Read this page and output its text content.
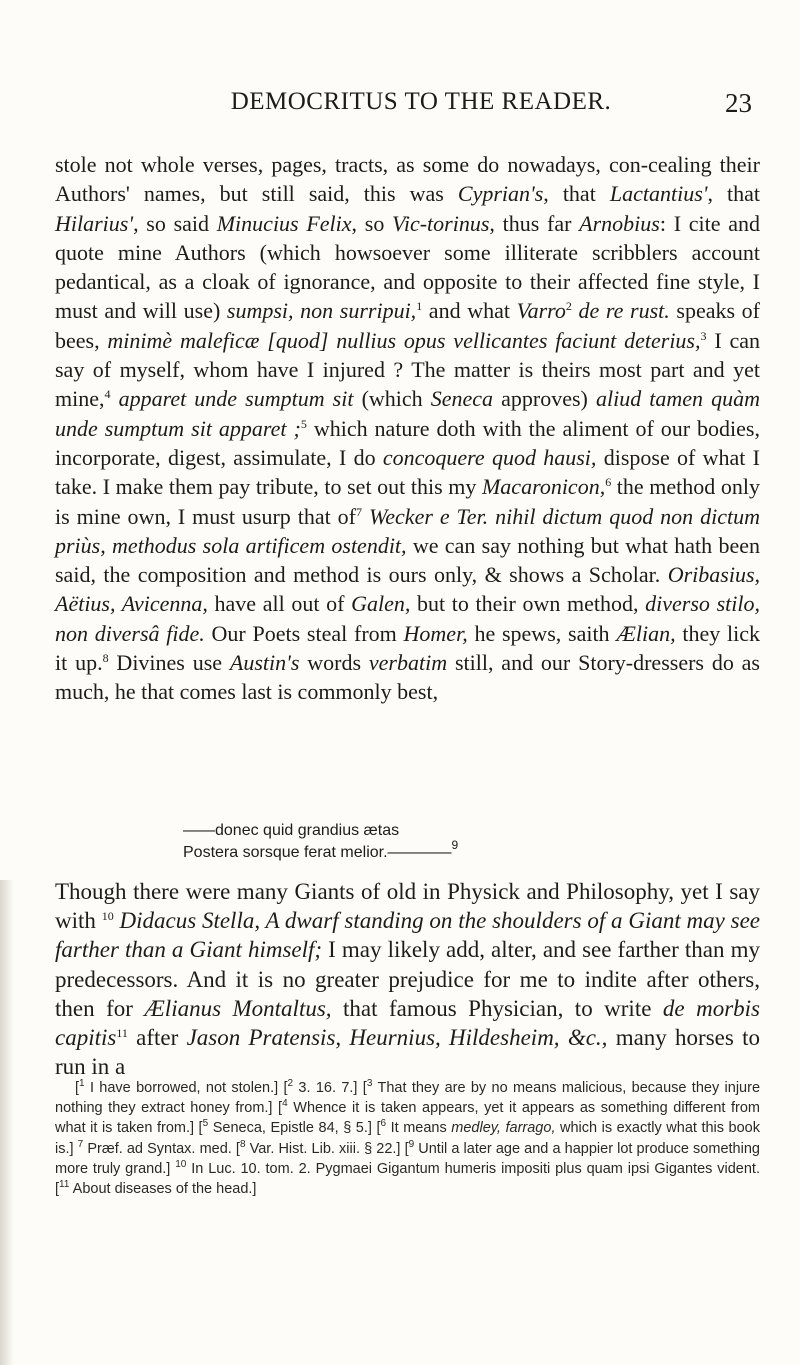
DEMOCRITUS TO THE READER.	23

stole not whole verses, pages, tracts, as some do nowadays, con-cealing their Authors' names, but still said, this was Cyprian's, that Lactantius', that Hilarius', so said Minucius Felix, so Vic-torinus, thus far Arnobius: I cite and quote mine Authors (which howsoever some illiterate scribblers account pedantical, as a cloak of ignorance, and opposite to their affected fine style, I must and will use) sumpsi, non surripui,$^1$ and what Varro$^2$ de re rust. speaks of bees, minimè maleficæ [quod] nullius opus vellicantes faciunt deterius,$^3$ I can say of myself, whom have I injured ? The matter is theirs most part and yet mine,$^4$ apparet unde sumptum sit (which Seneca approves) aliud tamen quàm unde sumptum sit apparet ;$^5$ which nature doth with the aliment of our bodies, incorporate, digest, assimulate, I do concoquere quod hausi, dispose of what I take. I make them pay tribute, to set out this my Macaronicon,$^6$ the method only is mine own, I must usurp that $of^7$ Wecker e Ter. nihil dictum quod non dictum priùs, methodus sola artificem ostendit, we can say nothing but what hath been said, the composition and method is ours only, & shows a Scholar. Oribasius, Aëtius, Avicenna, have all out of Galen, but to their own method, diverso stilo, non diversâ fide. Our Poets steal from Homer, he spews, saith Ælian, they lick it up.$^8$ Divines use Austin's words verbatim still, and our Story-dressers do as much, he that comes last is commonly best,

——donec quid grandius ætas
Postera sorsque ferat melior.————$^9$

Though there were many Giants of old in Physick and Philosophy, yet I say with $^{10}$ Didacus Stella, A dwarf standing on the shoulders of a Giant may see farther than a Giant himself; I may likely add, alter, and see farther than my predecessors. And it is no greater prejudice for me to indite after others, then for Ælianus Montaltus, that famous Physician, to write de morbis capitis$^{11}$ after Jason Pratensis, Heurnius, Hildesheim, &c., many horses to run in a

[$^1$ I have borrowed, not stolen.] [$^2$ 3. 16. 7.] [$^3$ That they are by no means malicious, because they injure nothing they extract honey from.] [$^4$ Whence it is taken appears, yet it appears as something different from what it is taken from.] [$^5$ Seneca, Epistle 84, § 5.] [$^6$ It means medley, farrago, which is exactly what this book is.] $^7$ Præf. ad Syntax. med. [$^8$ Var. Hist. Lib. xiii. § 22.] [$^9$ Until a later age and a happier lot produce something more truly grand.] $^{10}$ In Luc. 10. tom. 2. Pygmaei Gigantum humeris impositi plus quam ipsi Gigantes vident. [$^{11}$ About diseases of the head.]
